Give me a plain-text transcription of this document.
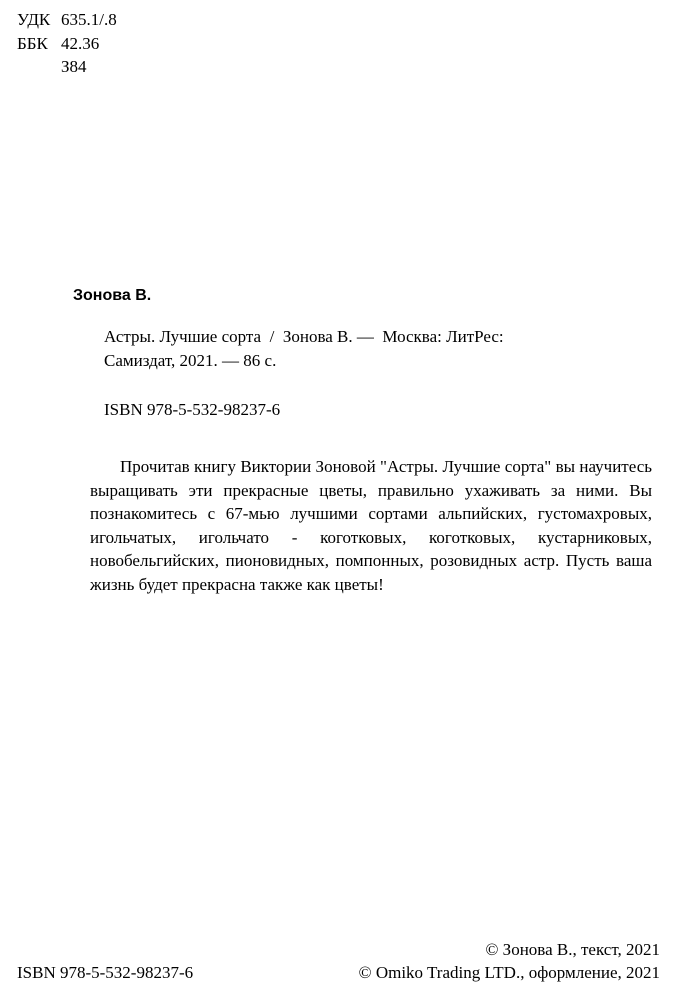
УДК 635.1/.8
ББК 42.36
З84
Зонова В.
Астры. Лучшие сорта  /  Зонова В. —  Москва: ЛитРес:
Самиздат, 2021. — 86 с.
ISBN 978-5-532-98237-6

Прочитав книгу Виктории Зоновой "Астры. Лучшие сорта" вы научитесь выращивать эти прекрасные цветы, правильно ухаживать за ними. Вы познакомитесь с 67-мью лучшими сортами альпийских, густомахровых, игольчатых, игольчато - коготковых, коготковых, кустарниковых, новобельгийских, пионовидных, помпонных, розовидных астр. Пусть ваша жизнь будет прекрасна также как цветы!

ISBN 978-5-532-98237-6
© Зонова В., текст, 2021
© Omiko Trading LTD., оформление, 2021
